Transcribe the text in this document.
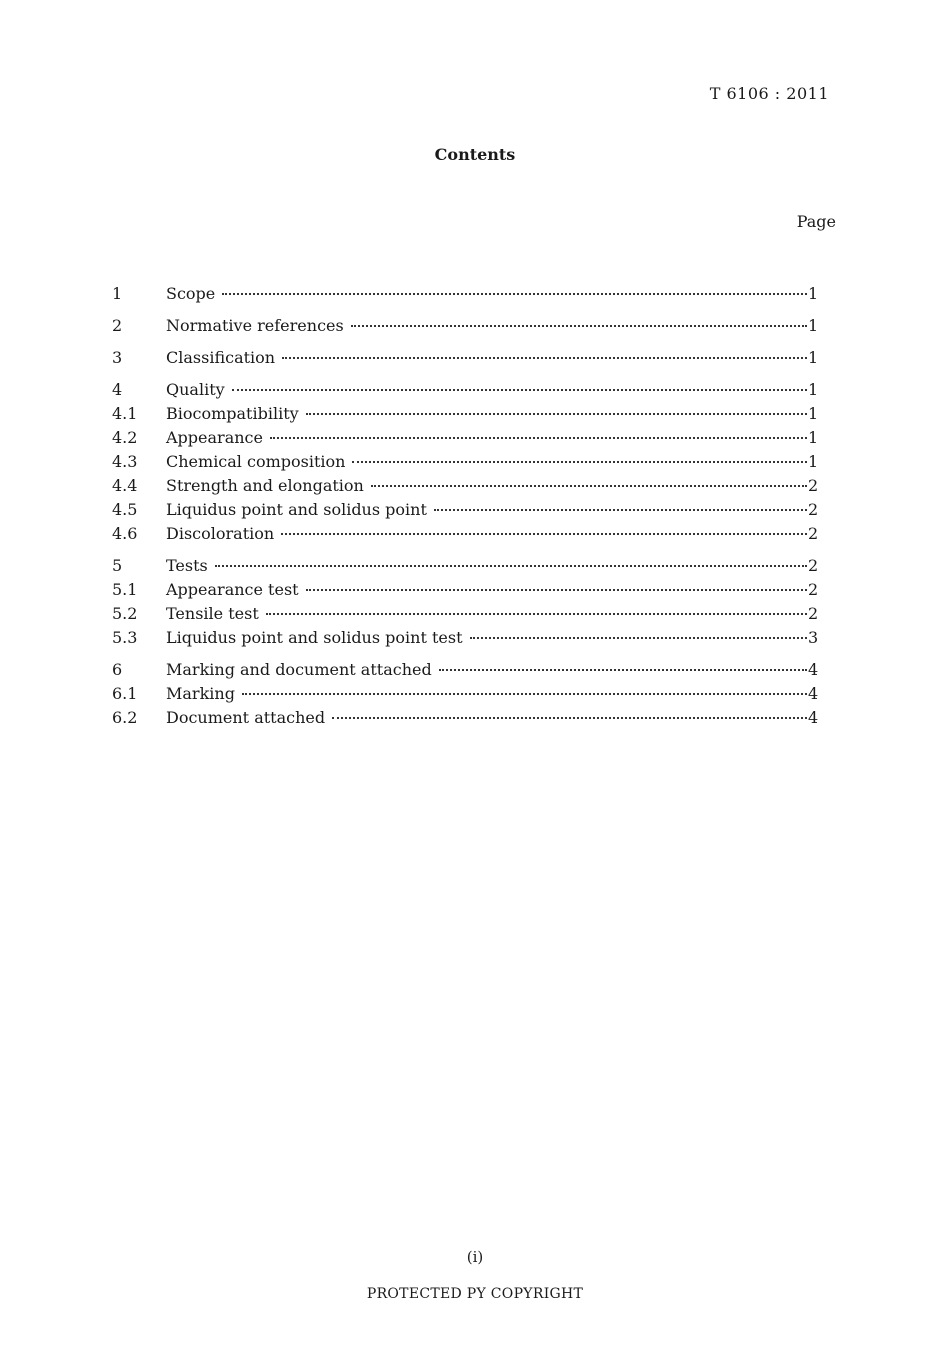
T 6106 : 2011
Contents
Page
1	Scope	1
2	Normative references	1
3	Classification	1
4	Quality	1
4.1	Biocompatibility	1
4.2	Appearance	1
4.3	Chemical composition	1
4.4	Strength and elongation	2
4.5	Liquidus point and solidus point	2
4.6	Discoloration	2
5	Tests	2
5.1	Appearance test	2
5.2	Tensile test	2
5.3	Liquidus point and solidus point test	3
6	Marking and document attached	4
6.1	Marking	4
6.2	Document attached	4
(i)
PROTECTED PY COPYRIGHT
